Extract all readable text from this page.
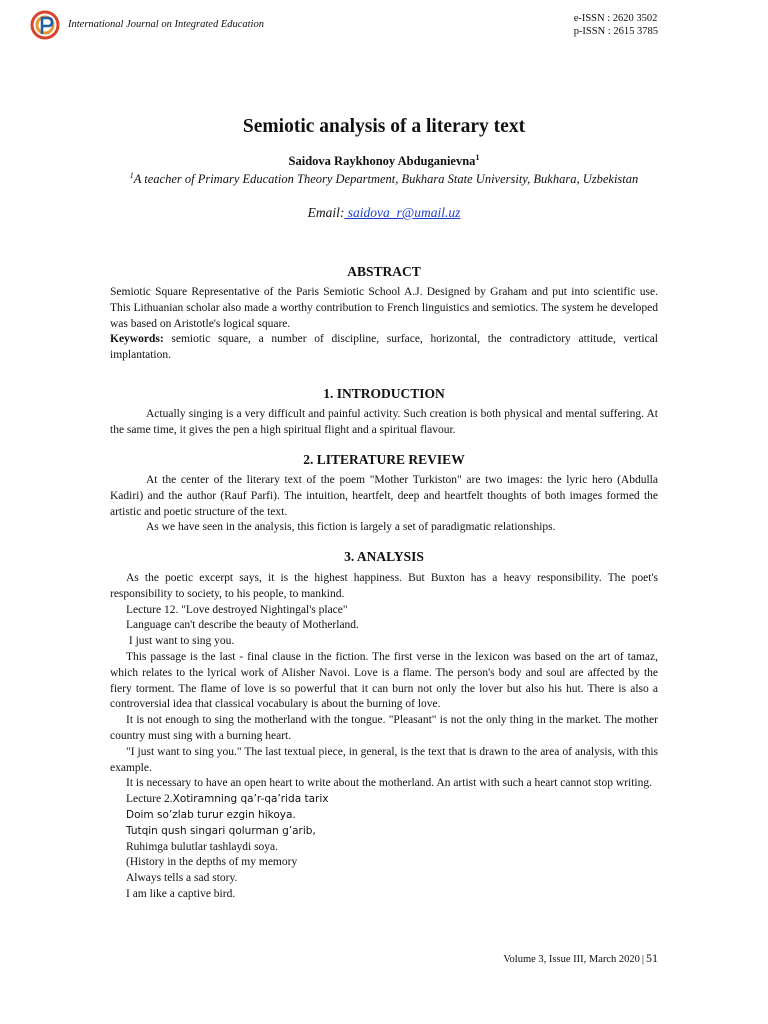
International Journal on Integrated Education
e-ISSN : 2620 3502
p-ISSN : 2615 3785
Semiotic analysis of a literary text
Saidova Raykhonoy Abduganievna$^1$
$^1$A teacher of Primary Education Theory Department, Bukhara State University, Bukhara, Uzbekistan
Email: saidova_r@umail.uz
ABSTRACT

Semiotic Square Representative of the Paris Semiotic School A.J. Designed by Graham and put into scientific use. This Lithuanian scholar also made a worthy contribution to French linguistics and semiotics. The system he developed was based on Aristotle's logical square.

Keywords: semiotic square, a number of discipline, surface, horizontal, the contradictory attitude, vertical implantation.

1. INTRODUCTION

Actually singing is a very difficult and painful activity. Such creation is both physical and mental suffering. At the same time, it gives the pen a high spiritual flight and a spiritual flavour.

2. LITERATURE REVIEW

At the center of the literary text of the poem "Mother Turkiston" are two images: the lyric hero (Abdulla Kadiri) and the author (Rauf Parfi). The intuition, heartfelt, deep and heartfelt thoughts of both images formed the artistic and poetic structure of the text.

As we have seen in the analysis, this fiction is largely a set of paradigmatic relationships.

3. ANALYSIS

As the poetic excerpt says, it is the highest happiness. But Buxton has a heavy responsibility. The poet's responsibility to society, to his people, to mankind.

Lecture 12. "Love destroyed Nightingal's place"

Language can't describe the beauty of Motherland.

I just want to sing you.

This passage is the last - final clause in the fiction. The first verse in the lexicon was based on the art of tamaz, which relates to the lyrical work of Alisher Navoi. Love is a flame. The person's body and soul are affected by the fiery torment. The flame of love is so powerful that it can burn not only the lover but also his hut. There is also a controversial idea that classical vocabulary is about the burning of love.

It is not enough to sing the motherland with the tongue. "Pleasant" is not the only thing in the market. The mother country must sing with a burning heart.

"I just want to sing you." The last textual piece, in general, is the text that is drawn to the area of analysis, with this example.

It is necessary to have an open heart to write about the motherland. An artist with such a heart cannot stop writing.

Lecture 2.Xotiramning qa’r-qa’rida tarix

Doim so’zlab turur ezgin hikoya.

Tutqin qush singari qolurman g’arib,

Ruhimga bulutlar tashlaydi soya.

(History in the depths of my memory

Always tells a sad story.

I am like a captive bird.

Volume 3, Issue III, March 2020 | 51
